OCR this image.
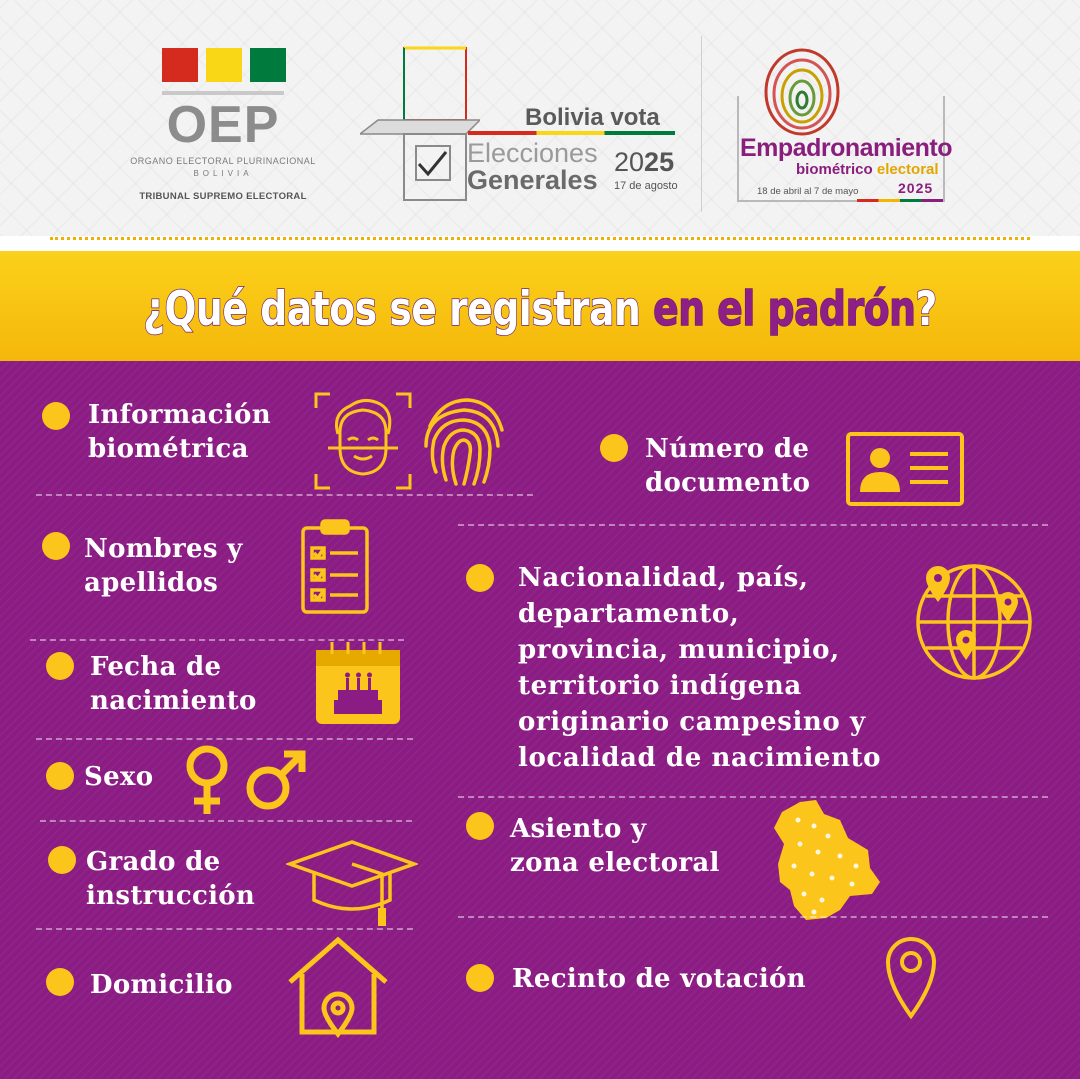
OEP
ORGANO ELECTORAL PLURINACIONAL
BOLIVIA
TRIBUNAL SUPREMO ELECTORAL
Bolivia vota
Elecciones
Generales
2025
17 de agosto
Empadronamiento
biométrico electoral
18 de abril al 7 de mayo	2025
¿Qué datos se registran en el padrón?
Información
biométrica
Nombres y
apellidos
Fecha de
nacimiento
Sexo
Grado de
instrucción
Domicilio
Número de
documento
Nacionalidad, país,
departamento,
provincia, municipio,
territorio indígena
originario campesino y
localidad de nacimiento
Asiento y
zona electoral
Recinto de votación
